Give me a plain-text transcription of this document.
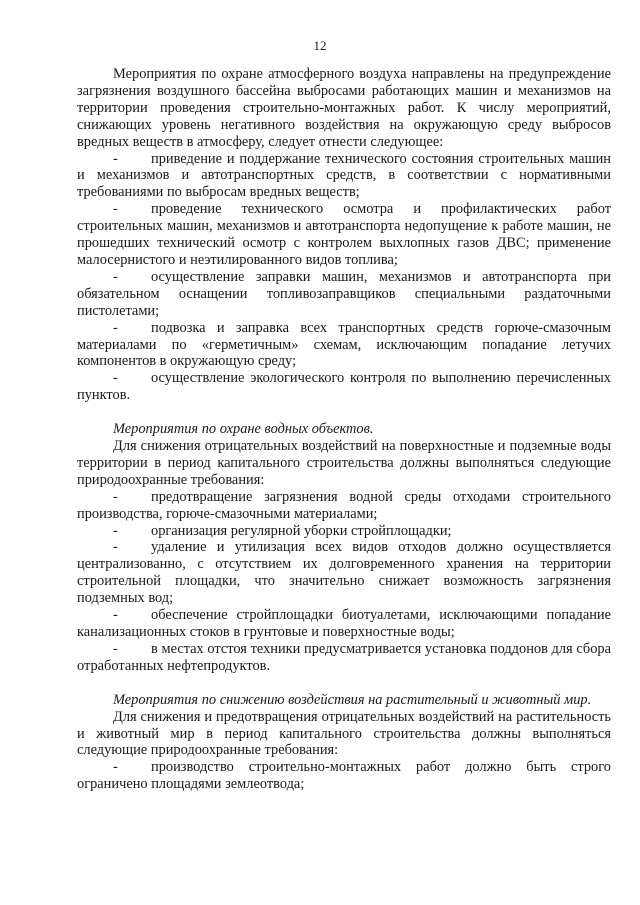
12

Мероприятия по охране атмосферного воздуха направлены на предупреждение загрязнения воздушного бассейна выбросами работающих машин и механизмов на территории проведения строительно-монтажных работ. К числу мероприятий, снижающих уровень негативного воздействия на окружающую среду выбросов вредных веществ в атмосферу, следует отнести следующее:

- приведение и поддержание технического состояния строительных машин и механизмов и автотранспортных средств, в соответствии с нормативными требованиями по выбросам вредных веществ;

- проведение технического осмотра и профилактических работ строительных машин, механизмов и автотранспорта недопущение к работе машин, не прошедших технический осмотр с контролем выхлопных газов ДВС; применение малосернистого и неэтилированного видов топлива;

- осуществление заправки машин, механизмов и автотранспорта при обязательном оснащении топливозаправщиков специальными раздаточными пистолетами;

- подвозка и заправка всех транспортных средств горюче-смазочным материалами по «герметичным» схемам, исключающим попадание летучих компонентов в окружающую среду;

- осуществление экологического контроля по выполнению перечисленных пунктов.

Мероприятия по охране водных объектов.

Для снижения отрицательных воздействий на поверхностные и подземные воды территории в период капитального строительства должны выполняться следующие природоохранные требования:

- предотвращение загрязнения водной среды отходами строительного производства, горюче-смазочными материалами;

- организация регулярной уборки стройплощадки;

- удаление и утилизация всех видов отходов должно осуществляется централизованно, с отсутствием их долговременного хранения на территории строительной площадки, что значительно снижает возможность загрязнения подземных вод;

- обеспечение стройплощадки биотуалетами, исключающими попадание канализационных стоков в грунтовые и поверхностные воды;

- в местах отстоя техники предусматривается установка поддонов для сбора отработанных нефтепродуктов.

Мероприятия по снижению воздействия на растительный и животный мир.

Для снижения и предотвращения отрицательных воздействий на растительность и животный мир в период капитального строительства должны выполняться следующие природоохранные требования:

- производство строительно-монтажных работ должно быть строго ограничено площадями землеотвода;
